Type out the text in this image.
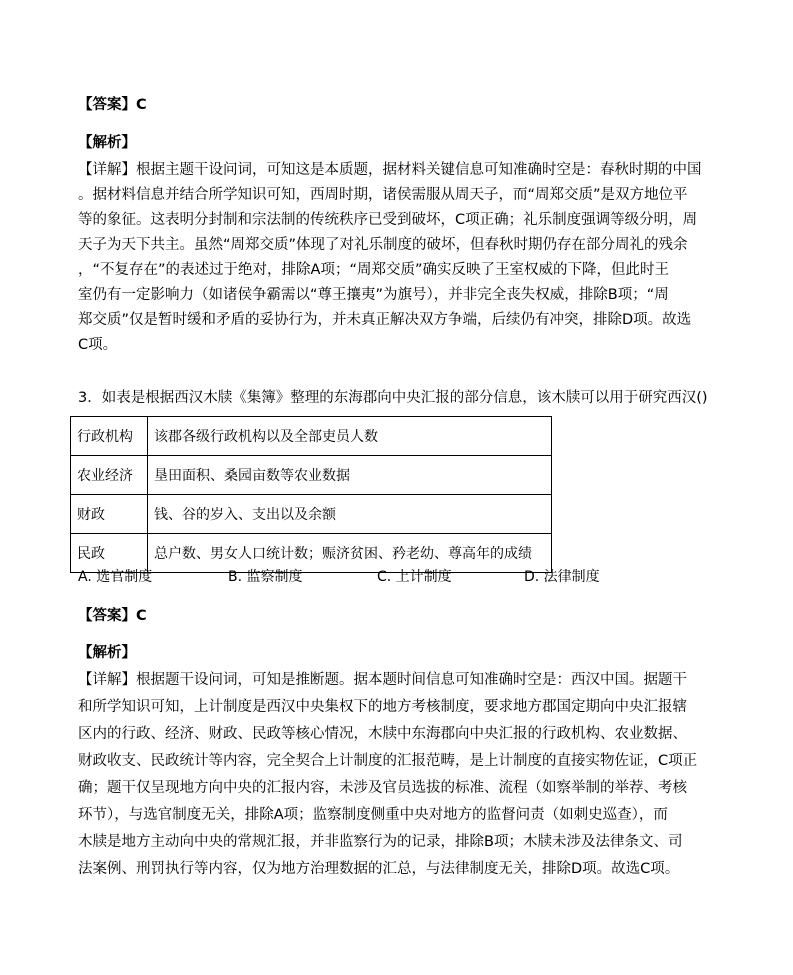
【答案】C
【解析】
【详解】根据主题干设问词，可知这是本质题，据材料关键信息可知准确时空是：春秋时期的中国
。据材料信息并结合所学知识可知，西周时期，诸侯需服从周天子，而“周郑交质”是双方地位平
等的象征。这表明分封制和宗法制的传统秩序已受到破坏，C项正确；礼乐制度强调等级分明，周
天子为天下共主。虽然“周郑交质”体现了对礼乐制度的破坏，但春秋时期仍存在部分周礼的残余
，“不复存在”的表述过于绝对，排除A项；“周郑交质”确实反映了王室权威的下降，但此时王
室仍有一定影响力（如诸侯争霸需以“尊王攘夷”为旗号），并非完全丧失权威，排除B项；“周
郑交质”仅是暂时缓和矛盾的妥协行为，并未真正解决双方争端，后续仍有冲突，排除D项。故选
C项。
3．如表是根据西汉木牍《集簿》整理的东海郡向中央汇报的部分信息，该木牍可以用于研究西汉()
行政机构	该郡各级行政机构以及全部吏员人数
农业经济	垦田面积、桑园亩数等农业数据
财政	钱、谷的岁入、支出以及余额
民政	总户数、男女人口统计数；赈济贫困、矜老幼、尊高年的成绩
A. 选官制度	B. 监察制度	C. 上计制度	D. 法律制度
【答案】C
【解析】
【详解】根据题干设问词，可知是推断题。据本题时间信息可知准确时空是：西汉中国。据题干
和所学知识可知，上计制度是西汉中央集权下的地方考核制度，要求地方郡国定期向中央汇报辖
区内的行政、经济、财政、民政等核心情况，木牍中东海郡向中央汇报的行政机构、农业数据、
财政收支、民政统计等内容，完全契合上计制度的汇报范畴，是上计制度的直接实物佐证，C项正
确；题干仅呈现地方向中央的汇报内容，未涉及官员选拔的标准、流程（如察举制的举荐、考核
环节），与选官制度无关，排除A项；监察制度侧重中央对地方的监督问责（如刺史巡查），而
木牍是地方主动向中央的常规汇报，并非监察行为的记录，排除B项；木牍未涉及法律条文、司
法案例、刑罚执行等内容，仅为地方治理数据的汇总，与法律制度无关，排除D项。故选C项。
